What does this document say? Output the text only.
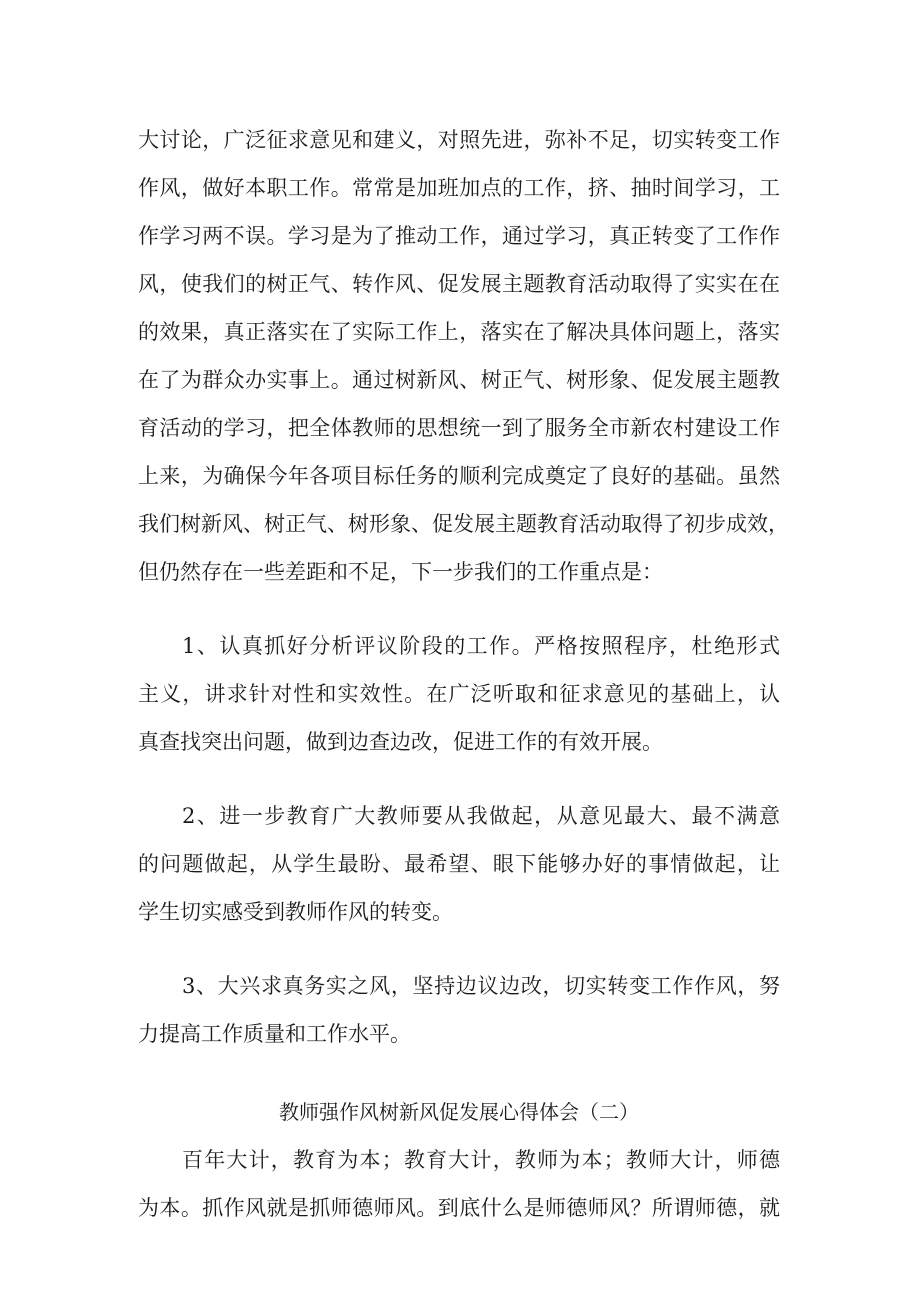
大讨论，广泛征求意见和建义，对照先进，弥补不足，切实转变工作
作风，做好本职工作。常常是加班加点的工作，挤、抽时间学习，工
作学习两不误。学习是为了推动工作，通过学习，真正转变了工作作
风，使我们的树正气、转作风、促发展主题教育活动取得了实实在在
的效果，真正落实在了实际工作上，落实在了解决具体问题上，落实
在了为群众办实事上。通过树新风、树正气、树形象、促发展主题教
育活动的学习，把全体教师的思想统一到了服务全市新农村建设工作
上来，为确保今年各项目标任务的顺利完成奠定了良好的基础。虽然
我们树新风、树正气、树形象、促发展主题教育活动取得了初步成效，
但仍然存在一些差距和不足，下一步我们的工作重点是：
1、认真抓好分析评议阶段的工作。严格按照程序，杜绝形式
主义，讲求针对性和实效性。在广泛听取和征求意见的基础上，认
真查找突出问题，做到边查边改，促进工作的有效开展。
2、进一步教育广大教师要从我做起，从意见最大、最不满意
的问题做起，从学生最盼、最希望、眼下能够办好的事情做起，让
学生切实感受到教师作风的转变。
3、大兴求真务实之风，坚持边议边改，切实转变工作作风，努
力提高工作质量和工作水平。
教师强作风树新风促发展心得体会（二）
百年大计，教育为本；教育大计，教师为本；教师大计，师德
为本。抓作风就是抓师德师风。到底什么是师德师风？所谓师德，就
